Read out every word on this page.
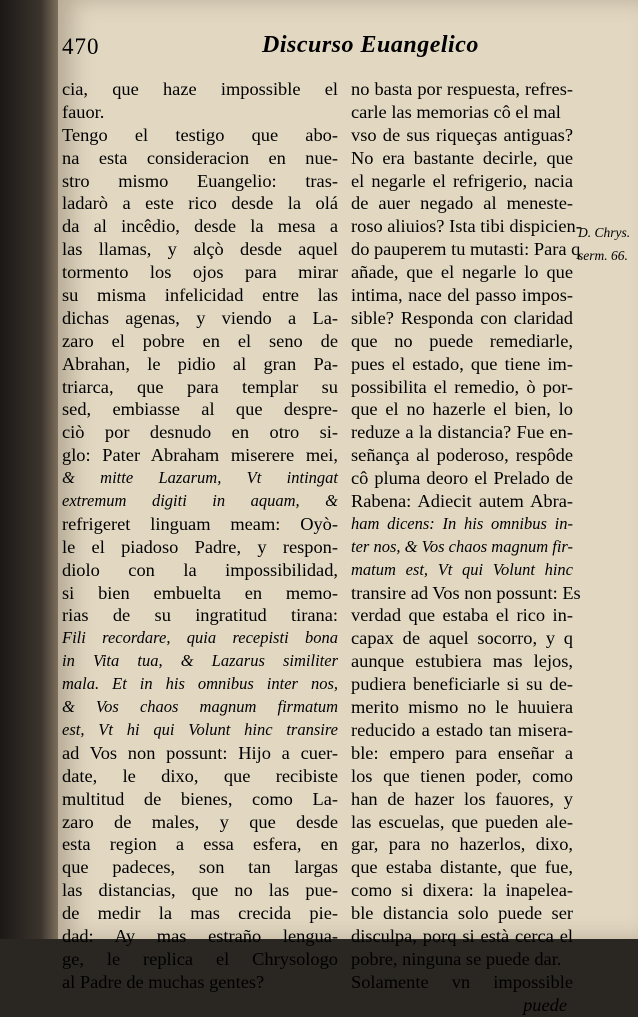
470	Discurso Euangelico
cia, que haze impossible el
fauor.
Tengo el testigo que abo-
na esta consideracion en nue-
stro mismo Euangelio: tras-
ladarò a este rico desde la olá
da al incêdio, desde la mesa a
las llamas, y alçò desde aquel
tormento los ojos para mirar
su misma infelicidad entre las
dichas agenas, y viendo a La-
zaro el pobre en el seno de
Abrahan, le pidio al gran Pa-
triarca, que para templar su
sed, embiasse al que despre-
ciò por desnudo en otro si-
glo: Pater Abraham miserere mei,
& mitte Lazarum, Vt intingat
extremum digiti in aquam, &
refrigeret linguam meam: Oyò-
le el piadoso Padre, y respon-
diolo con la impossibilidad,
si bien embuelta en memo-
rias de su ingratitud tirana:
Fili recordare, quia recepisti bona
in Vita tua, & Lazarus similiter
mala. Et in his omnibus inter nos,
& Vos chaos magnum firmatum
est, Vt hi qui Volunt hinc transire
ad Vos non possunt: Hijo a cuer-
date, le dixo, que recibiste
multitud de bienes, como La-
zaro de males, y que desde
esta region a essa esfera, en
que padeces, son tan largas
las distancias, que no las pue-
de medir la mas crecida pie-
dad: Ay mas estraño lengua-
ge, le replica el Chrysologo
al Padre de muchas gentes?
no basta por respuesta, refres-
carle las memorias cô el mal
vso de sus riqueças antiguas?
No era bastante decirle, que
el negarle el refrigerio, nacia
de auer negado al meneste-
roso aliuios? Ista tibi dispicien-
do pauperem tu mutasti: Para q
añade, que el negarle lo que
intima, nace del passo impos-
sible? Responda con claridad
que no puede remediarle,
pues el estado, que tiene im-
possibilita el remedio, ò por-
que el no hazerle el bien, lo
reduze a la distancia? Fue en-
señança al poderoso, respôde
cô pluma deoro el Prelado de
Rabena: Adiecit autem Abra-
ham dicens: In his omnibus in-
ter nos, & Vos chaos magnum fir-
matum est, Vt qui Volunt hinc
transire ad Vos non possunt: Es
verdad que estaba el rico in-
capax de aquel socorro, y q
aunque estubiera mas lejos,
pudiera beneficiarle si su de-
merito mismo no le huuiera
reducido a estado tan misera-
ble: empero para enseñar a
los que tienen poder, como
han de hazer los fauores, y
las escuelas, que pueden ale-
gar, para no hazerlos, dixo,
que estaba distante, que fue,
como si dixera: la inapelea-
ble distancia solo puede ser
disculpa, porq si està cerca el
pobre, ninguna se puede dar.
Solamente vn impossible
puede
D. Chrys.
serm. 66.
